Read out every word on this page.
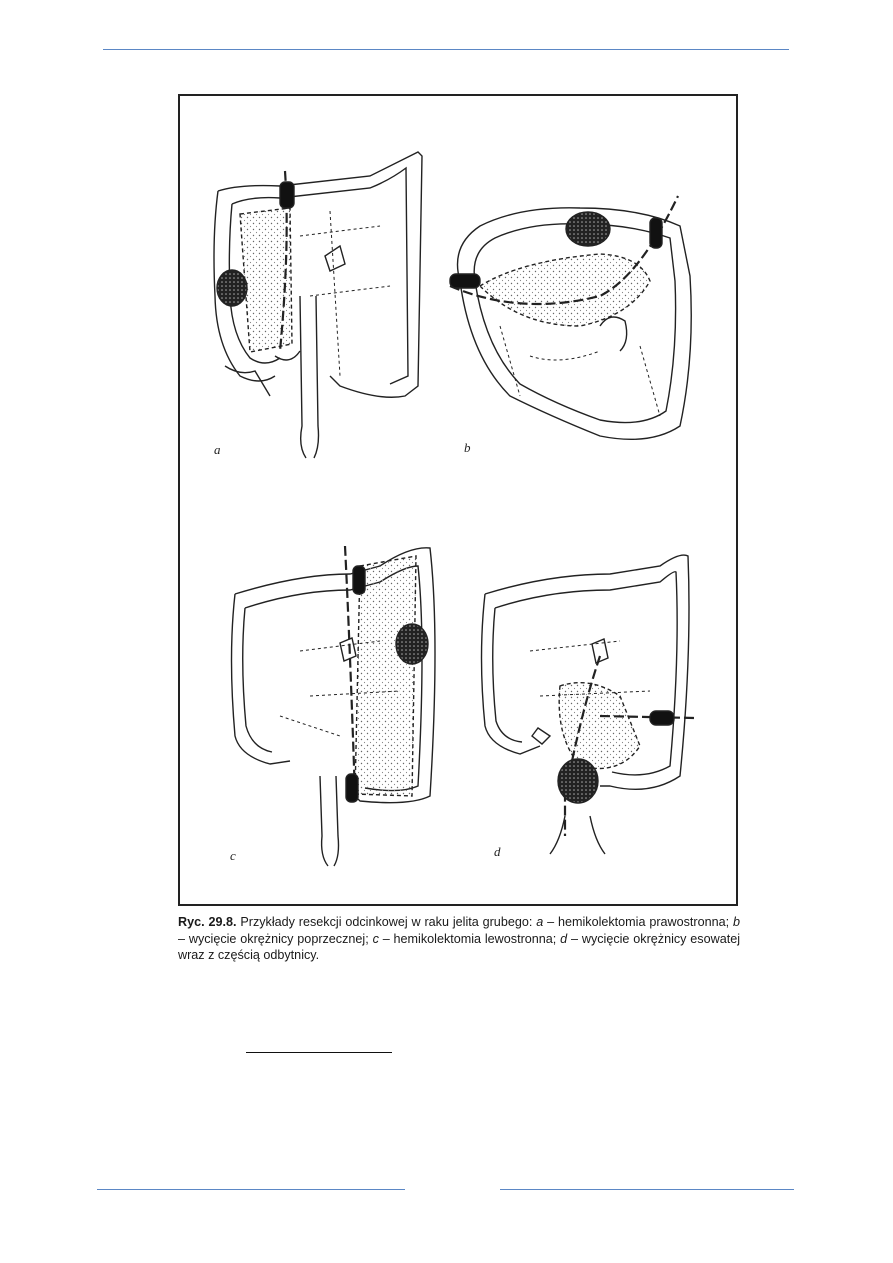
a	b
c	d

Ryc. 29.8. Przykłady resekcji odcinkowej w raku jelita grubego: a – hemikolektomia prawostronna; b – wycięcie okrężnicy poprzecznej; c – hemikolektomia lewostronna; d – wycięcie okrężnicy esowatej wraz z częścią odbytnicy.
